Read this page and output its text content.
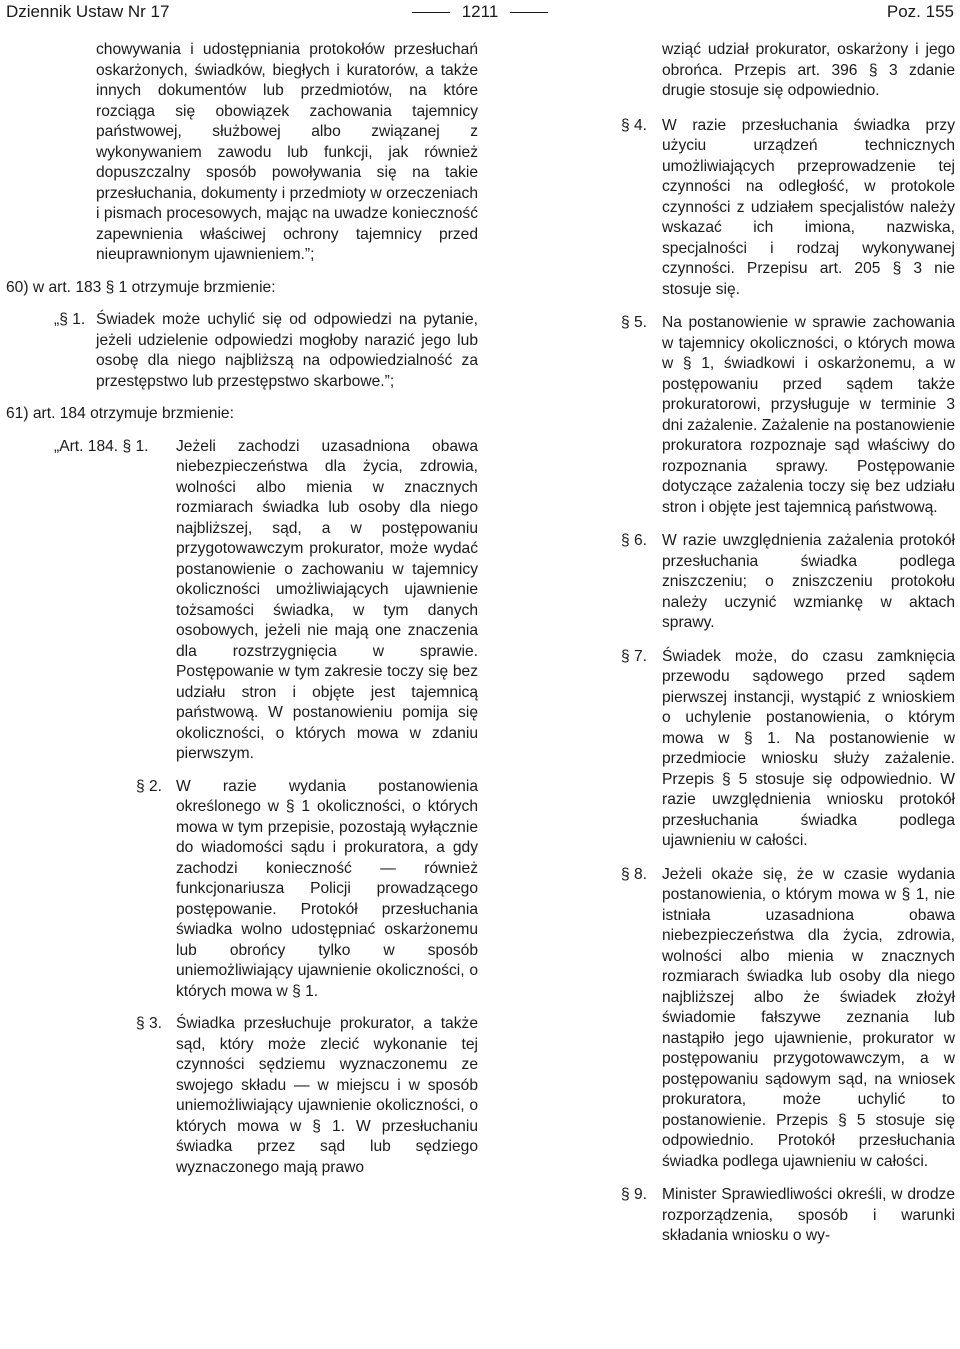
Dziennik Ustaw Nr 17	1211	Poz. 155

chowywania i udostępniania protokołów przesłuchań oskarżonych, świadków, biegłych i kuratorów, a także innych dokumentów lub przedmiotów, na które rozciąga się obowiązek zachowania tajemnicy państwowej, służbowej albo związanej z wykonywaniem zawodu lub funkcji, jak również dopuszczalny sposób powoływania się na takie przesłuchania, dokumenty i przedmioty w orzeczeniach i pismach procesowych, mając na uwadze konieczność zapewnienia właściwej ochrony tajemnicy przed nieuprawnionym ujawnieniem.”;

60) w art. 183 § 1 otrzymuje brzmienie:
„§ 1. Świadek może uchylić się od odpowiedzi na pytanie, jeżeli udzielenie odpowiedzi mogłoby narazić jego lub osobę dla niego najbliższą na odpowiedzialność za przestępstwo lub przestępstwo skarbowe.”;
61) art. 184 otrzymuje brzmienie:
„Art. 184. § 1. Jeżeli zachodzi uzasadniona obawa niebezpieczeństwa dla życia, zdrowia, wolności albo mienia w znacznych rozmiarach świadka lub osoby dla niego najbliższej, sąd, a w postępowaniu przygotowawczym prokurator, może wydać postanowienie o zachowaniu w tajemnicy okoliczności umożliwiających ujawnienie tożsamości świadka, w tym danych osobowych, jeżeli nie mają one znaczenia dla rozstrzygnięcia w sprawie. Postępowanie w tym zakresie toczy się bez udziału stron i objęte jest tajemnicą państwową. W postanowieniu pomija się okoliczności, o których mowa w zdaniu pierwszym.
§ 2. W razie wydania postanowienia określonego w § 1 okoliczności, o których mowa w tym przepisie, pozostają wyłącznie do wiadomości sądu i prokuratora, a gdy zachodzi konieczność — również funkcjonariusza Policji prowadzącego postępowanie. Protokół przesłuchania świadka wolno udostępniać oskarżonemu lub obrońcy tylko w sposób uniemożliwiający ujawnienie okoliczności, o których mowa w § 1.
§ 3. Świadka przesłuchuje prokurator, a także sąd, który może zlecić wykonanie tej czynności sędziemu wyznaczonemu ze swojego składu — w miejscu i w sposób uniemożliwiający ujawnienie okoliczności, o których mowa w § 1. W przesłuchaniu świadka przez sąd lub sędziego wyznaczonego mają prawo

wziąć udział prokurator, oskarżony i jego obrońca. Przepis art. 396 § 3 zdanie drugie stosuje się odpowiednio.

§ 4. W razie przesłuchania świadka przy użyciu urządzeń technicznych umożliwiających przeprowadzenie tej czynności na odległość, w protokole czynności z udziałem specjalistów należy wskazać ich imiona, nazwiska, specjalności i rodzaj wykonywanej czynności. Przepisu art. 205 § 3 nie stosuje się.
§ 5. Na postanowienie w sprawie zachowania w tajemnicy okoliczności, o których mowa w § 1, świadkowi i oskarżonemu, a w postępowaniu przed sądem także prokuratorowi, przysługuje w terminie 3 dni zażalenie. Zażalenie na postanowienie prokuratora rozpoznaje sąd właściwy do rozpoznania sprawy. Postępowanie dotyczące zażalenia toczy się bez udziału stron i objęte jest tajemnicą państwową.
§ 6. W razie uwzględnienia zażalenia protokół przesłuchania świadka podlega zniszczeniu; o zniszczeniu protokołu należy uczynić wzmiankę w aktach sprawy.
§ 7. Świadek może, do czasu zamknięcia przewodu sądowego przed sądem pierwszej instancji, wystąpić z wnioskiem o uchylenie postanowienia, o którym mowa w § 1. Na postanowienie w przedmiocie wniosku służy zażalenie. Przepis § 5 stosuje się odpowiednio. W razie uwzględnienia wniosku protokół przesłuchania świadka podlega ujawnieniu w całości.
§ 8. Jeżeli okaże się, że w czasie wydania postanowienia, o którym mowa w § 1, nie istniała uzasadniona obawa niebezpieczeństwa dla życia, zdrowia, wolności albo mienia w znacznych rozmiarach świadka lub osoby dla niego najbliższej albo że świadek złożył świadomie fałszywe zeznania lub nastąpiło jego ujawnienie, prokurator w postępowaniu przygotowawczym, a w postępowaniu sądowym sąd, na wniosek prokuratora, może uchylić to postanowienie. Przepis § 5 stosuje się odpowiednio. Protokół przesłuchania świadka podlega ujawnieniu w całości.
§ 9. Minister Sprawiedliwości określi, w drodze rozporządzenia, sposób i warunki składania wniosku o wy-
